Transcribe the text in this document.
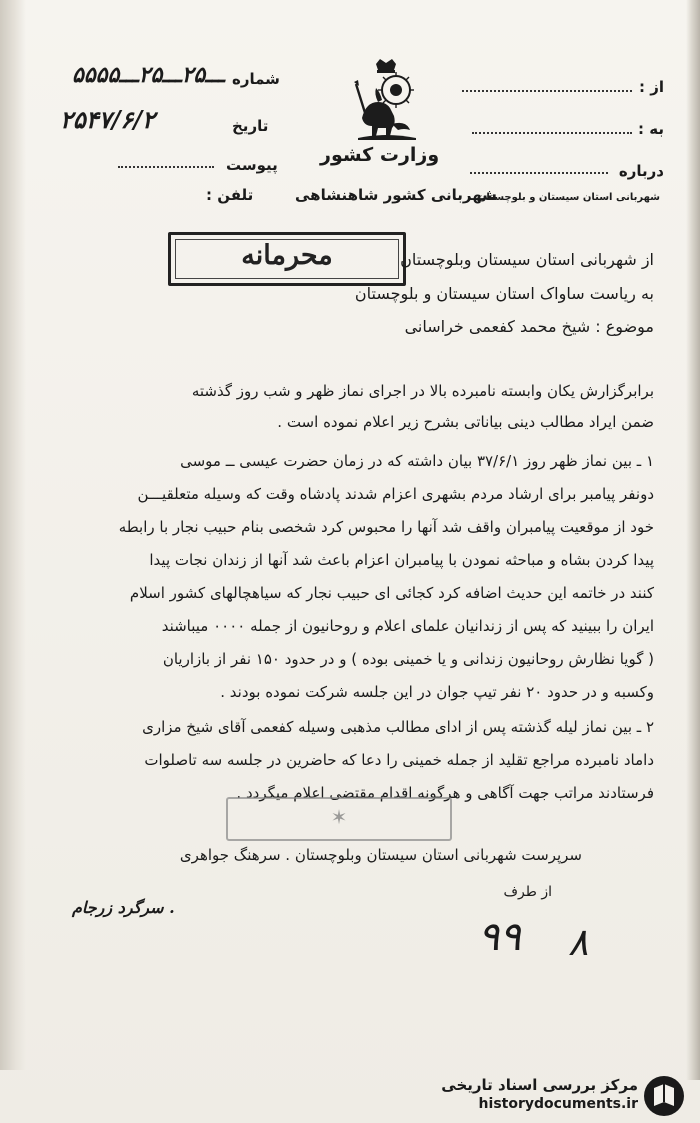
از :
به :
درباره
شهربانی استان سیستان و بلوچستان
شماره
۵۵ـــ۲۵ـــ۲۵ـــ۵۵
تاریخ
۲۵۴۷/۶/۲
پیوست
تلفن :
وزارت کشور
شهربانی کشور شاهنشاهی
محرمانه	از شهربانی استان سیستان وبلوچستان
به ریاست ساواک استان سیستان و بلوچستان
موضوع : شیخ محمد کفعمی خراسانی
برابرگزارش یکان وابسته نامبرده بالا در اجرای نماز ظهر و شب روز گذشته
ضمن ایراد مطالب دینی بیاناتی بشرح زیر اعلام نموده است .
۱ ـ بین نماز ظهر روز ۳۷/۶/۱ بیان داشته که در زمان حضرت عیسی ــ موسی
دونفر پیامبر برای ارشاد مردم بشهری اعزام شدند پادشاه وقت که وسیله متعلقیـــن
خود از موقعیت پیامبران واقف شد آنها را محبوس کرد شخصی بنام حبیب نجار با رابطه
پیدا کردن بشاه و مباحثه نمودن با پیامبران اعزام باعث شد آنها از زندان نجات پیدا
کنند در خاتمه این حدیث اضافه کرد کجائی ای حبیب نجار که سیاهچالهای کشور اسلام
ایران را ببینید که پس از زندانیان علمای اعلام و روحانیون از جمله ۰۰۰۰ میباشند
( گویا نظارش روحانیون زندانی و یا خمینی بوده ) و در حدود ۱۵۰ نفر از بازاریان
وکسبه و در حدود ۲۰ نفر تیپ جوان در این جلسه شرکت نموده بودند .
۲ ـ بین نماز لیله گذشته پس از ادای مطالب مذهبی وسیله کفعمی آقای شیخ مزاری
داماد نامبرده مراجع تقلید از جمله خمینی را دعا که حاضرین در جلسه سه تاصلوات
فرستادند مراتب جهت آگاهی و هرگونه اقدام مقتضی اعلام میگردد .
✶
سرپرست شهربانی استان سیستان وبلوچستان . سرهنگ جواهری
از طرف
. سرگرد زرجام
۹۹ ۸
مرکز بررسی اسناد تاریخی
historydocuments.ir
